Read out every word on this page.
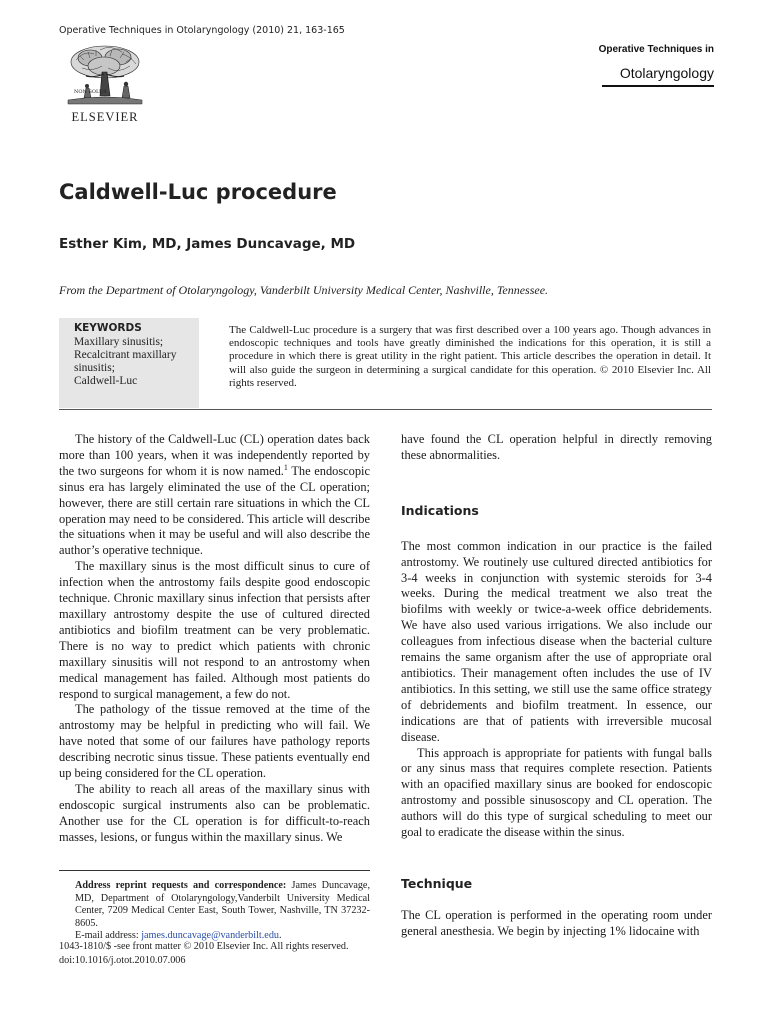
Operative Techniques in Otolaryngology (2010) 21, 163-165
NON SOLUS
ELSEVIER
Operative Techniques in
Otolaryngology
Caldwell-Luc procedure
Esther Kim, MD, James Duncavage, MD
From the Department of Otolaryngology, Vanderbilt University Medical Center, Nashville, Tennessee.
KEYWORDS
Maxillary sinusitis;
Recalcitrant maxillary
sinusitis;
Caldwell-Luc
The Caldwell-Luc procedure is a surgery that was first described over a 100 years ago. Though advances in endoscopic techniques and tools have greatly diminished the indications for this operation, it is still a procedure in which there is great utility in the right patient. This article describes the operation in detail. It will also guide the surgeon in determining a surgical candidate for this operation. © 2010 Elsevier Inc. All rights reserved.

The history of the Caldwell-Luc (CL) operation dates back more than 100 years, when it was independently reported by the two surgeons for whom it is now named.$^1$ The endoscopic sinus era has largely eliminated the use of the CL operation; however, there are still certain rare situations in which the CL operation may need to be considered. This article will describe the situations when it may be useful and will also describe the author’s operative technique.

The maxillary sinus is the most difficult sinus to cure of infection when the antrostomy fails despite good endoscopic technique. Chronic maxillary sinus infection that persists after maxillary antrostomy despite the use of cultured directed antibiotics and biofilm treatment can be very problematic. There is no way to predict which patients with chronic maxillary sinusitis will not respond to an antrostomy when medical management has failed. Although most patients do respond to surgical management, a few do not.

The pathology of the tissue removed at the time of the antrostomy may be helpful in predicting who will fail. We have noted that some of our failures have pathology reports describing necrotic sinus tissue. These patients eventually end up being considered for the CL operation.

The ability to reach all areas of the maxillary sinus with endoscopic surgical instruments also can be problematic. Another use for the CL operation is for difficult-to-reach masses, lesions, or fungus within the maxillary sinus. We

have found the CL operation helpful in directly removing these abnormalities.

Indications

The most common indication in our practice is the failed antrostomy. We routinely use cultured directed antibiotics for 3-4 weeks in conjunction with systemic steroids for 3-4 weeks. During the medical treatment we also treat the biofilms with weekly or twice-a-week office debridements. We have also used various irrigations. We also include our colleagues from infectious disease when the bacterial culture remains the same organism after the use of appropriate oral antibiotics. Their management often includes the use of IV antibiotics. In this setting, we still use the same office strategy of debridements and biofilm treatment. In essence, our indications are that of patients with irreversible mucosal disease.

This approach is appropriate for patients with fungal balls or any sinus mass that requires complete resection. Patients with an opacified maxillary sinus are booked for endoscopic antrostomy and possible sinusoscopy and CL operation. The authors will do this type of surgical scheduling to meet our goal to eradicate the disease within the sinus.

Technique

The CL operation is performed in the operating room under general anesthesia. We begin by injecting 1% lidocaine with

Address reprint requests and correspondence: James Duncavage, MD, Department of Otolaryngology,Vanderbilt University Medical Center, 7209 Medical Center East, South Tower, Nashville, TN 37232-8605.
E-mail address: james.duncavage@vanderbilt.edu.
1043-1810/$ -see front matter © 2010 Elsevier Inc. All rights reserved.
doi:10.1016/j.otot.2010.07.006
